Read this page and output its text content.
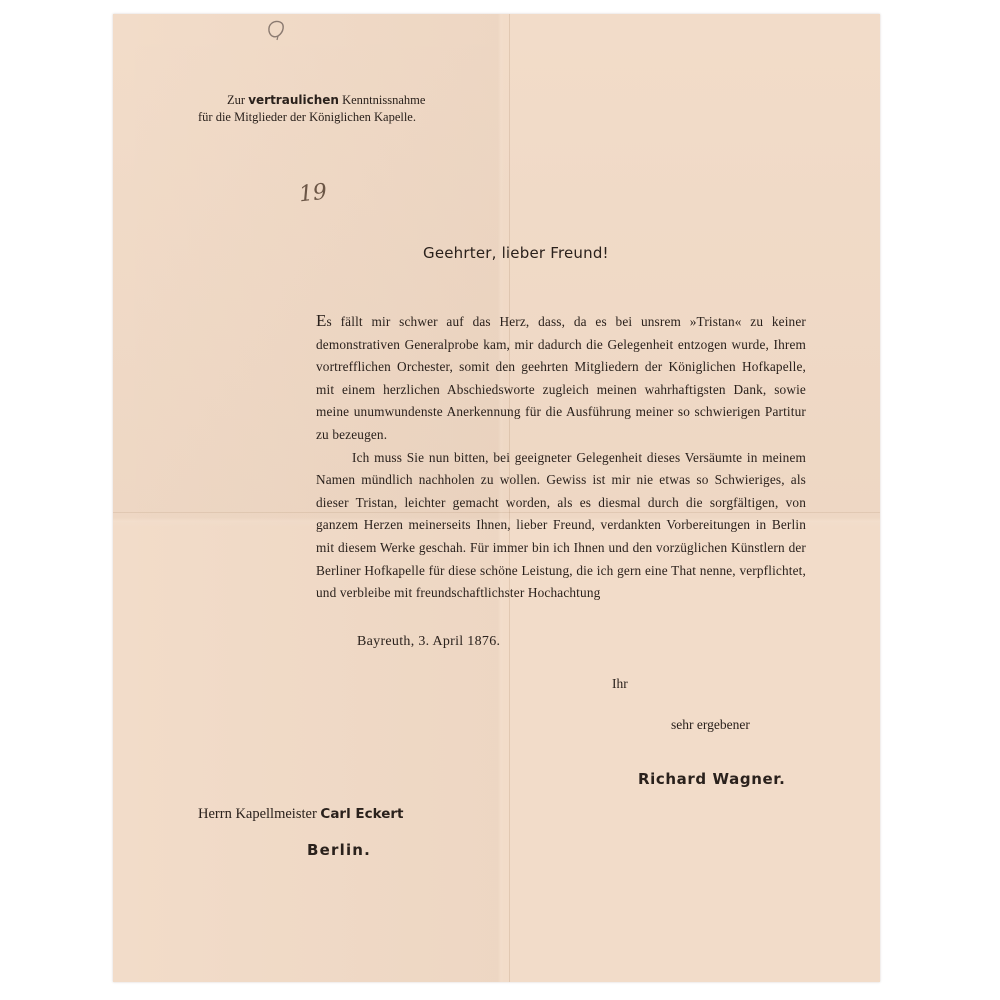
Zur vertraulichen Kenntnissnahme
für die Mitglieder der Königlichen Kapelle.
19
Geehrter, lieber Freund!

Es fällt mir schwer auf das Herz, dass, da es bei unsrem »Tristan« zu keiner demonstrativen Generalprobe kam, mir dadurch die Gelegenheit entzogen wurde, Ihrem vortrefflichen Orchester, somit den geehrten Mitgliedern der Königlichen Hofkapelle, mit einem herzlichen Abschiedsworte zugleich meinen wahrhaftigsten Dank, sowie meine unumwundenste Anerkennung für die Ausführung meiner so schwierigen Partitur zu bezeugen.

Ich muss Sie nun bitten, bei geeigneter Gelegenheit dieses Versäumte in meinem Namen mündlich nachholen zu wollen. Gewiss ist mir nie etwas so Schwieriges, als dieser Tristan, leichter gemacht worden, als es diesmal durch die sorgfältigen, von ganzem Herzen meinerseits Ihnen, lieber Freund, verdankten Vorbereitungen in Berlin mit diesem Werke geschah. Für immer bin ich Ihnen und den vorzüglichen Künstlern der Berliner Hofkapelle für diese schöne Leistung, die ich gern eine That nenne, verpflichtet, und verbleibe mit freundschaftlichster Hochachtung

Bayreuth, 3. April 1876.
Ihr
sehr ergebener
Richard Wagner.
Herrn Kapellmeister Carl Eckert
Berlin.
